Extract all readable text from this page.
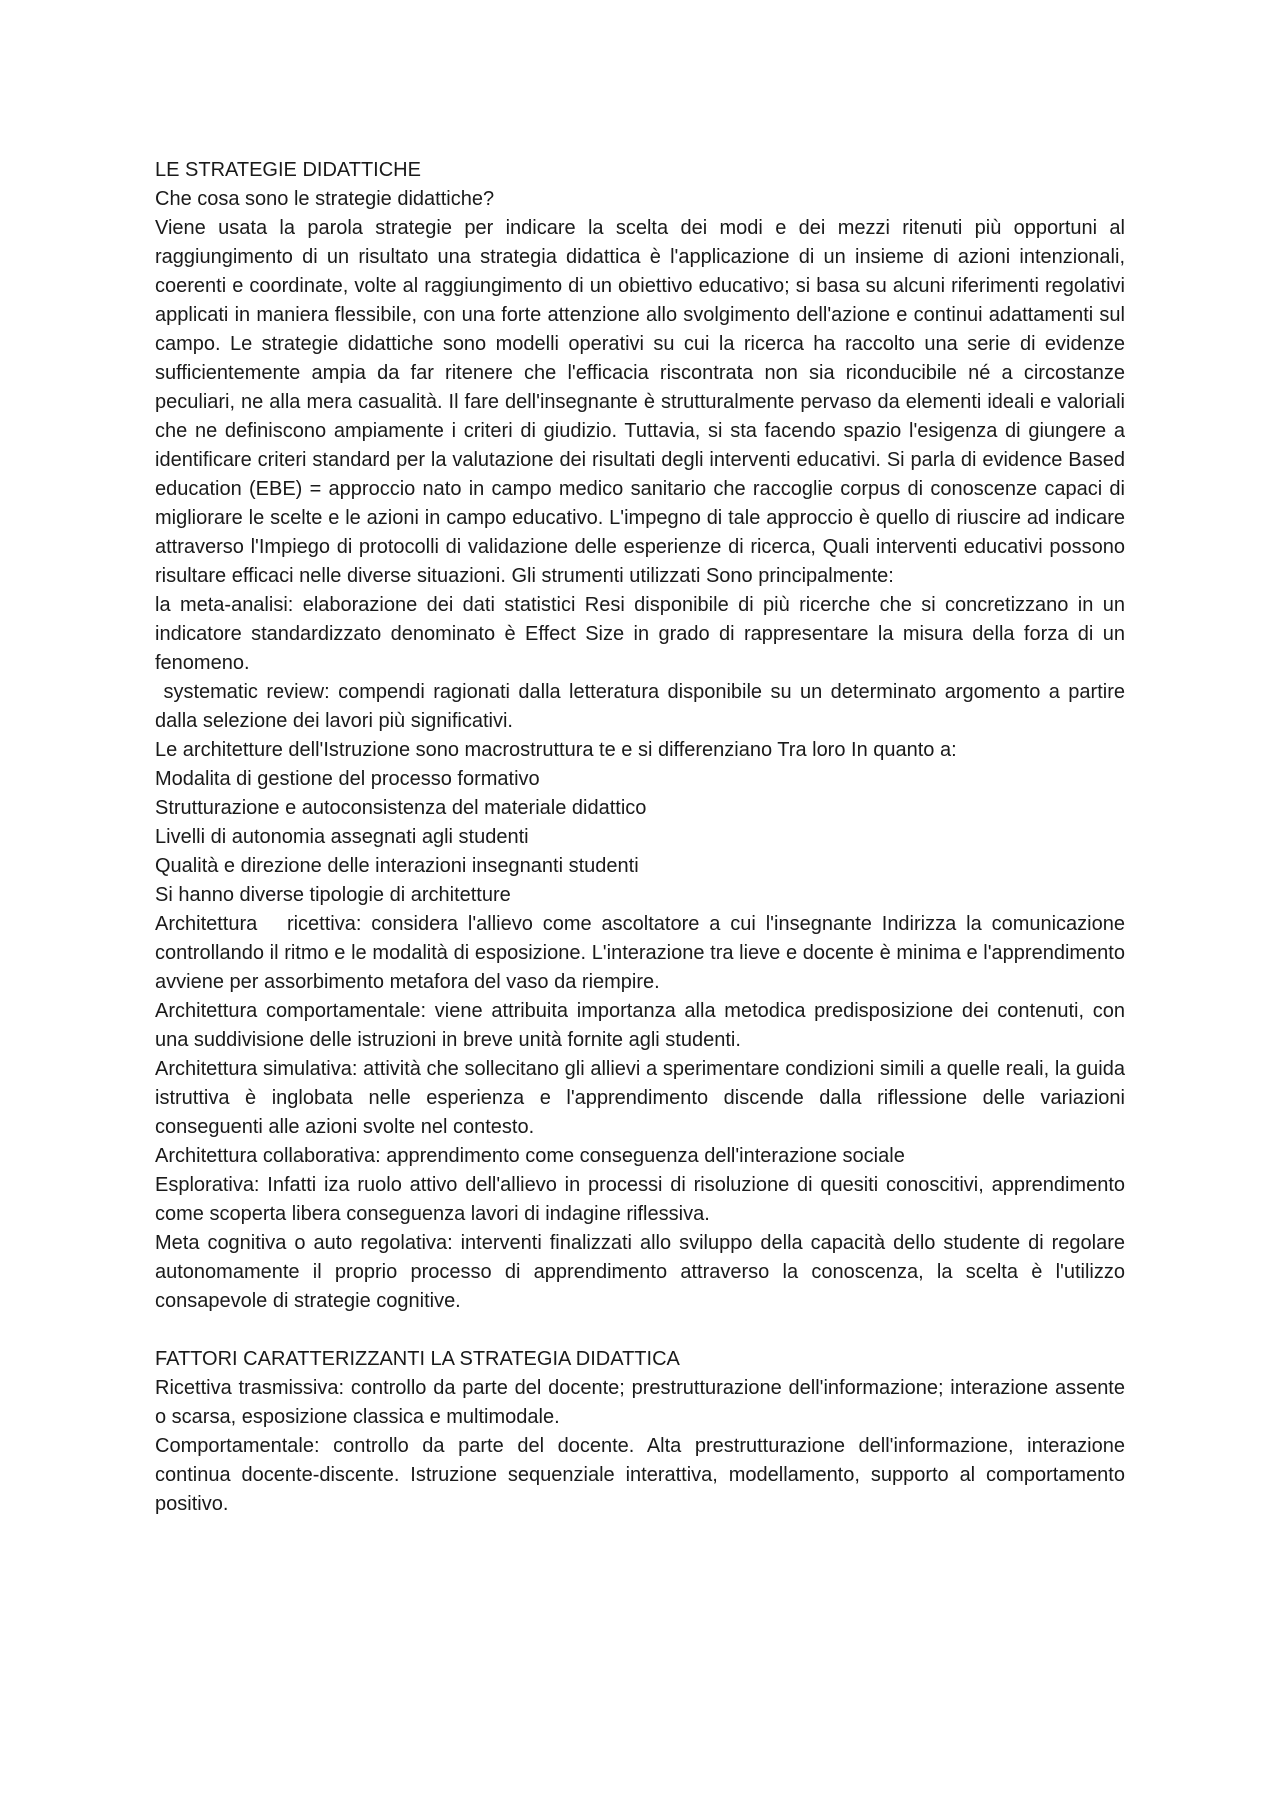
LE STRATEGIE DIDATTICHE

Che cosa sono le strategie didattiche?

Viene usata la parola strategie per indicare la scelta dei modi e dei mezzi ritenuti più opportuni al raggiungimento di un risultato una strategia didattica è l'applicazione di un insieme di azioni intenzionali, coerenti e coordinate, volte al raggiungimento di un obiettivo educativo; si basa su alcuni riferimenti regolativi applicati in maniera flessibile, con una forte attenzione allo svolgimento dell'azione e continui adattamenti sul campo. Le strategie didattiche sono modelli operativi su cui la ricerca ha raccolto una serie di evidenze sufficientemente ampia da far ritenere che l'efficacia riscontrata non sia riconducibile né a circostanze peculiari, ne alla mera casualità. Il fare dell'insegnante è strutturalmente pervaso da elementi ideali e valoriali che ne definiscono ampiamente i criteri di giudizio. Tuttavia, si sta facendo spazio l'esigenza di giungere a identificare criteri standard per la valutazione dei risultati degli interventi educativi. Si parla di evidence Based education (EBE) = approccio nato in campo medico sanitario che raccoglie corpus di conoscenze capaci di migliorare le scelte e le azioni in campo educativo. L'impegno di tale approccio è quello di riuscire ad indicare attraverso l'Impiego di protocolli di validazione delle esperienze di ricerca, Quali interventi educativi possono risultare efficaci nelle diverse situazioni. Gli strumenti utilizzati Sono principalmente:

la meta-analisi: elaborazione dei dati statistici Resi disponibile di più ricerche che si concretizzano in un indicatore standardizzato denominato è Effect Size in grado di rappresentare la misura della forza di un fenomeno.

systematic review: compendi ragionati dalla letteratura disponibile su un determinato argomento a partire dalla selezione dei lavori più significativi.

Le architetture dell'Istruzione sono macrostruttura te e si differenziano Tra loro In quanto a:

Modalita di gestione del processo formativo

Strutturazione e autoconsistenza del materiale didattico

Livelli di autonomia assegnati agli studenti

Qualità e direzione delle interazioni insegnanti studenti

Si hanno diverse tipologie di architetture

Architettura   ricettiva: considera l'allievo come ascoltatore a cui l'insegnante Indirizza la comunicazione controllando il ritmo e le modalità di esposizione. L'interazione tra lieve e docente è minima e l'apprendimento avviene per assorbimento metafora del vaso da riempire.

Architettura comportamentale: viene attribuita importanza alla metodica predisposizione dei contenuti, con una suddivisione delle istruzioni in breve unità fornite agli studenti.

Architettura simulativa: attività che sollecitano gli allievi a sperimentare condizioni simili a quelle reali, la guida istruttiva è inglobata nelle esperienza e l'apprendimento discende dalla riflessione delle variazioni conseguenti alle azioni svolte nel contesto.

Architettura collaborativa: apprendimento come conseguenza dell'interazione sociale

Esplorativa: Infatti iza ruolo attivo dell'allievo in processi di risoluzione di quesiti conoscitivi, apprendimento come scoperta libera conseguenza lavori di indagine riflessiva.

Meta cognitiva o auto regolativa: interventi finalizzati allo sviluppo della capacità dello studente di regolare autonomamente il proprio processo di apprendimento attraverso la conoscenza, la scelta è l'utilizzo consapevole di strategie cognitive.

FATTORI CARATTERIZZANTI LA STRATEGIA DIDATTICA

Ricettiva trasmissiva: controllo da parte del docente; prestrutturazione dell'informazione; interazione assente o scarsa, esposizione classica e multimodale.

Comportamentale: controllo da parte del docente. Alta prestrutturazione dell'informazione, interazione continua docente-discente. Istruzione sequenziale interattiva, modellamento, supporto al comportamento positivo.
